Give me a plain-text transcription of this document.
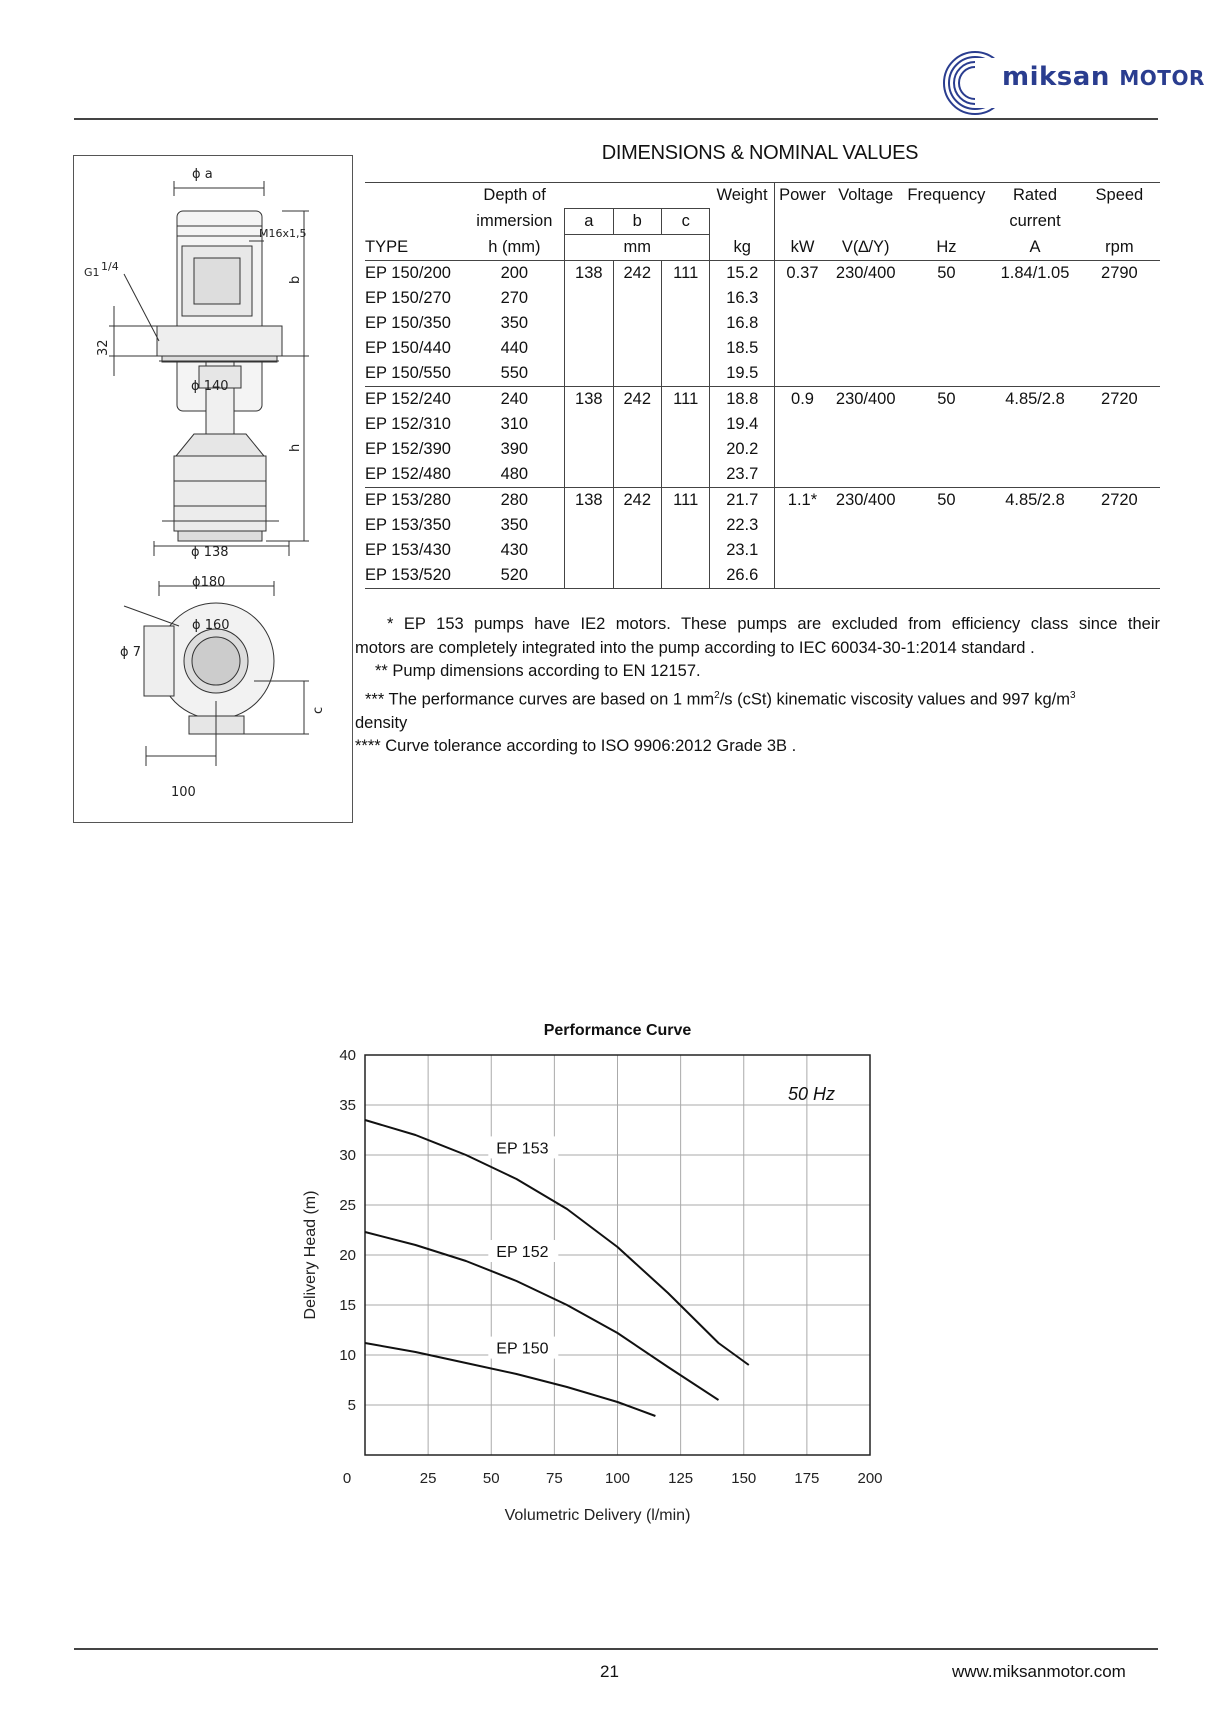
miksan MOTOR
ϕ a
M16x1,5
G1 1/4
b
32
ϕ 140
h
ϕ 138
ϕ180
ϕ 160
ϕ 7
c
100
DIMENSIONS & NOMINAL VALUES
	Depth of				Weight	Power	Voltage	Frequency	Rated	Speed
	immersion	a	b	c					current	
TYPE	h (mm)		mm		kg	kW	V(∆/Y)	Hz	A	rpm
EP 150/200	200	138	242	111	15.2	0.37	230/400	50	1.84/1.05	2790
EP 150/270	270				16.3					
EP 150/350	350				16.8					
EP 150/440	440				18.5					
EP 150/550	550				19.5					
EP 152/240	240	138	242	111	18.8	0.9	230/400	50	4.85/2.8	2720
EP 152/310	310				19.4					
EP 152/390	390				20.2					
EP 152/480	480				23.7					
EP 153/280	280	138	242	111	21.7	1.1*	230/400	50	4.85/2.8	2720
EP 153/350	350				22.3					
EP 153/430	430				23.1					
EP 153/520	520				26.6					

* EP 153 pumps have IE2 motors. These pumps are excluded from efficiency class since their

motors are completely integrated into the pump according to IEC 60034-30-1:2014 standard .

** Pump dimensions according to EN 12157.

*** The performance curves are based on 1 $mm^2/s$ (cSt) kinematic viscosity values and 997 $kg/m^3$

density

**** Curve tolerance according to ISO 9906:2012 Grade 3B .

Performance Curve
0	25	50	75	100	125	150	175	200
5
10
15
20
25
30
35
40
Volumetric Delivery (l/min)
Delivery Head (m)
50 Hz
EP 153
EP 152
EP 150
21	www.miksanmotor.com
